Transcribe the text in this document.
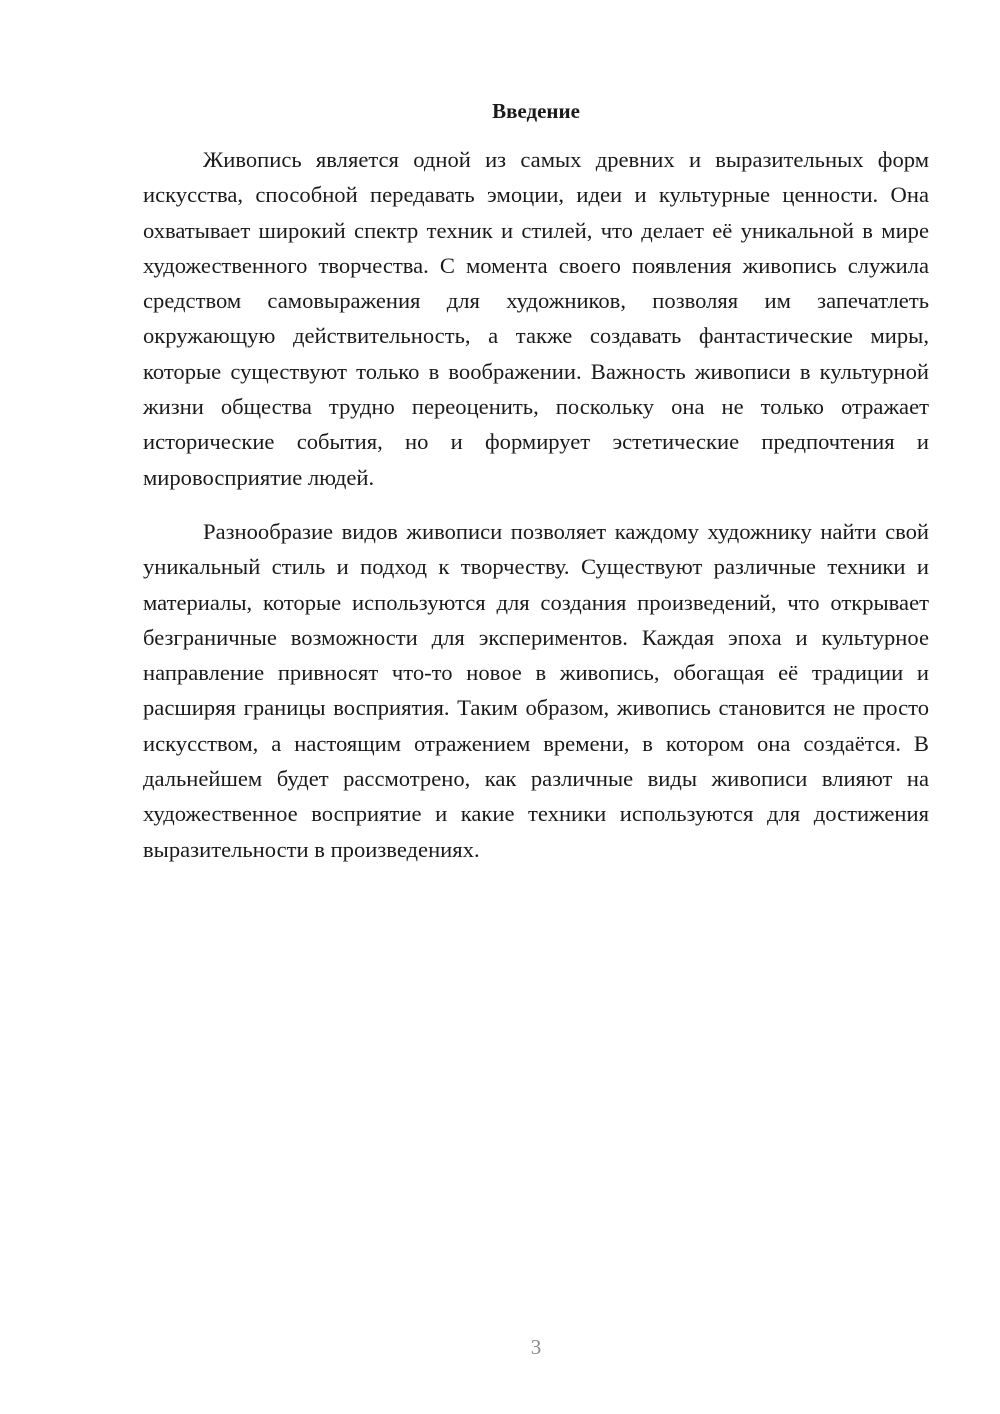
Введение

Живопись является одной из самых древних и выразительных форм искусства, способной передавать эмоции, идеи и культурные ценности. Она охватывает широкий спектр техник и стилей, что делает её уникальной в мире художественного творчества. С момента своего появления живопись служила средством самовыражения для художников, позволяя им запечатлеть окружающую действительность, а также создавать фантастические миры, которые существуют только в воображении. Важность живописи в культурной жизни общества трудно переоценить, поскольку она не только отражает исторические события, но и формирует эстетические предпочтения и мировосприятие людей.

Разнообразие видов живописи позволяет каждому художнику найти свой уникальный стиль и подход к творчеству. Существуют различные техники и материалы, которые используются для создания произведений, что открывает безграничные возможности для экспериментов. Каждая эпоха и культурное направление привносят что-то новое в живопись, обогащая её традиции и расширяя границы восприятия. Таким образом, живопись становится не просто искусством, а настоящим отражением времени, в котором она создаётся. В дальнейшем будет рассмотрено, как различные виды живописи влияют на художественное восприятие и какие техники используются для достижения выразительности в произведениях.

3
